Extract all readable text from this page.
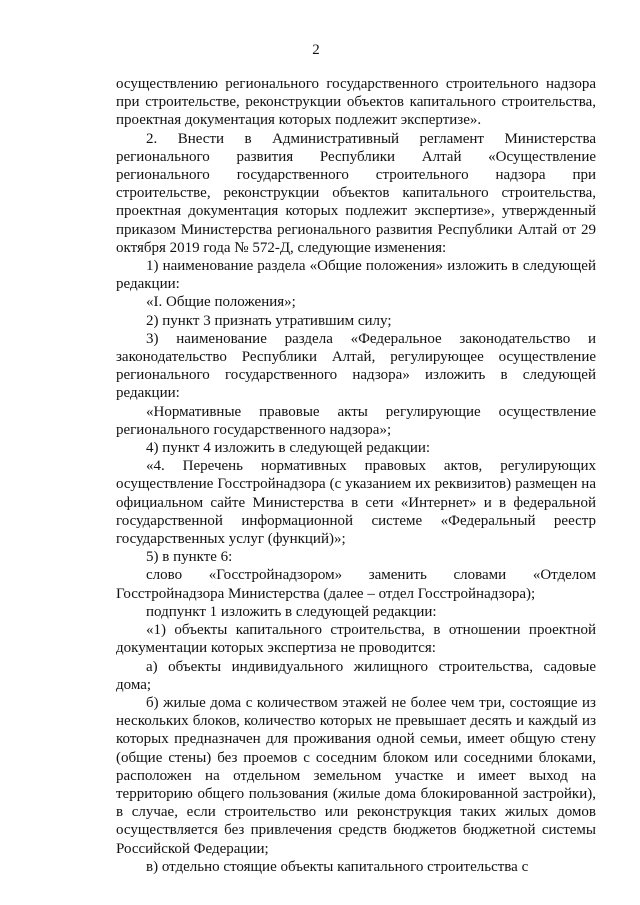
2

осуществлению регионального государственного строительного надзора при строительстве, реконструкции объектов капитального строительства, проектная документация которых подлежит экспертизе».

2. Внести в Административный регламент Министерства регионального развития Республики Алтай «Осуществление регионального государственного строительного надзора при строительстве, реконструкции объектов капитального строительства, проектная документация которых подлежит экспертизе», утвержденный приказом Министерства регионального развития Республики Алтай от 29 октября 2019 года № 572-Д, следующие изменения:

1) наименование раздела «Общие положения» изложить в следующей редакции:

«I. Общие положения»;

2) пункт 3 признать утратившим силу;

3) наименование раздела «Федеральное законодательство и законодательство Республики Алтай, регулирующее осуществление регионального государственного надзора» изложить в следующей редакции:

«Нормативные правовые акты регулирующие осуществление регионального государственного надзора»;

4) пункт 4 изложить в следующей редакции:

«4. Перечень нормативных правовых актов, регулирующих осуществление Госстройнадзора (с указанием их реквизитов) размещен на официальном сайте Министерства в сети «Интернет» и в федеральной государственной информационной системе «Федеральный реестр государственных услуг (функций)»;

5) в пункте 6:

слово «Госстройнадзором» заменить словами «Отделом Госстройнадзора Министерства (далее – отдел Госстройнадзора);

подпункт 1 изложить в следующей редакции:

«1) объекты капитального строительства, в отношении проектной документации которых экспертиза не проводится:

а) объекты индивидуального жилищного строительства, садовые дома;

б) жилые дома с количеством этажей не более чем три, состоящие из нескольких блоков, количество которых не превышает десять и каждый из которых предназначен для проживания одной семьи, имеет общую стену (общие стены) без проемов с соседним блоком или соседними блоками, расположен на отдельном земельном участке и имеет выход на территорию общего пользования (жилые дома блокированной застройки), в случае, если строительство или реконструкция таких жилых домов осуществляется без привлечения средств бюджетов бюджетной системы Российской Федерации;

в) отдельно стоящие объекты капитального строительства с
